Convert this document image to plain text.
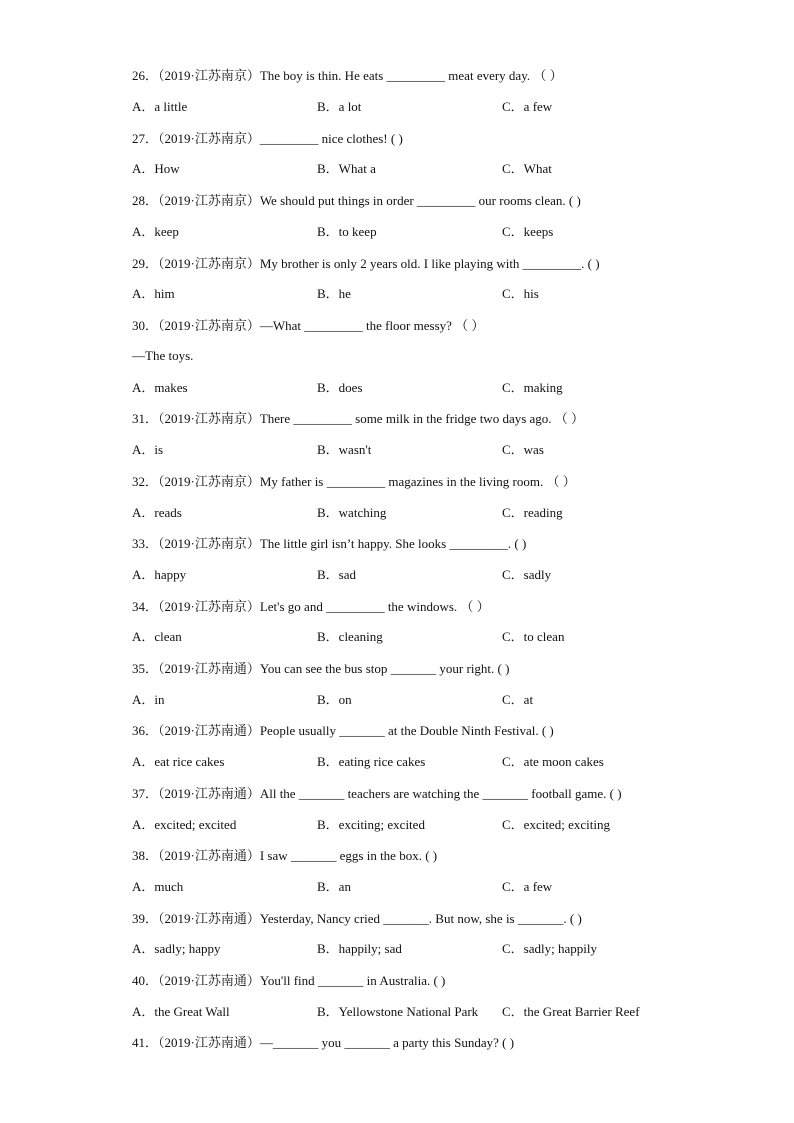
26．（2019·江苏南京）The boy is thin. He eats _________ meat every day. （ ）
A．a little	B．a lot	C．a few
27．（2019·江苏南京）_________ nice clothes! ( )
A．How	B．What a	C．What
28．（2019·江苏南京）We should put things in order _________ our rooms clean. ( )
A．keep	B．to keep	C．keeps
29．（2019·江苏南京）My brother is only 2 years old. I like playing with _________. ( )
A．him	B．he	C．his
30．（2019·江苏南京）—What _________ the floor messy? （ ）
—The toys.
A．makes	B．does	C．making
31．（2019·江苏南京）There _________ some milk in the fridge two days ago. （ ）
A．is	B．wasn't	C．was
32．（2019·江苏南京）My father is _________ magazines in the living room. （ ）
A．reads	B．watching	C．reading
33．（2019·江苏南京）The little girl isn’t happy. She looks _________. ( )
A．happy	B．sad	C．sadly
34．（2019·江苏南京）Let's go and _________ the windows. （ ）
A．clean	B．cleaning	C．to clean
35．（2019·江苏南通）You can see the bus stop _______ your right. ( )
A．in	B．on	C．at
36．（2019·江苏南通）People usually _______ at the Double Ninth Festival. ( )
A．eat rice cakes	B．eating rice cakes	C．ate moon cakes
37．（2019·江苏南通）All the _______ teachers are watching the _______ football game. ( )
A．excited; excited	B．exciting; excited	C．excited; exciting
38．（2019·江苏南通）I saw _______ eggs in the box. ( )
A．much	B．an	C．a few
39．（2019·江苏南通）Yesterday, Nancy cried _______. But now, she is _______. ( )
A．sadly; happy	B．happily; sad	C．sadly; happily
40．（2019·江苏南通）You'll find _______ in Australia. ( )
A．the Great Wall	B．Yellowstone National Park C．the Great Barrier Reef
41．（2019·江苏南通）—_______ you _______ a party this Sunday? ( )
